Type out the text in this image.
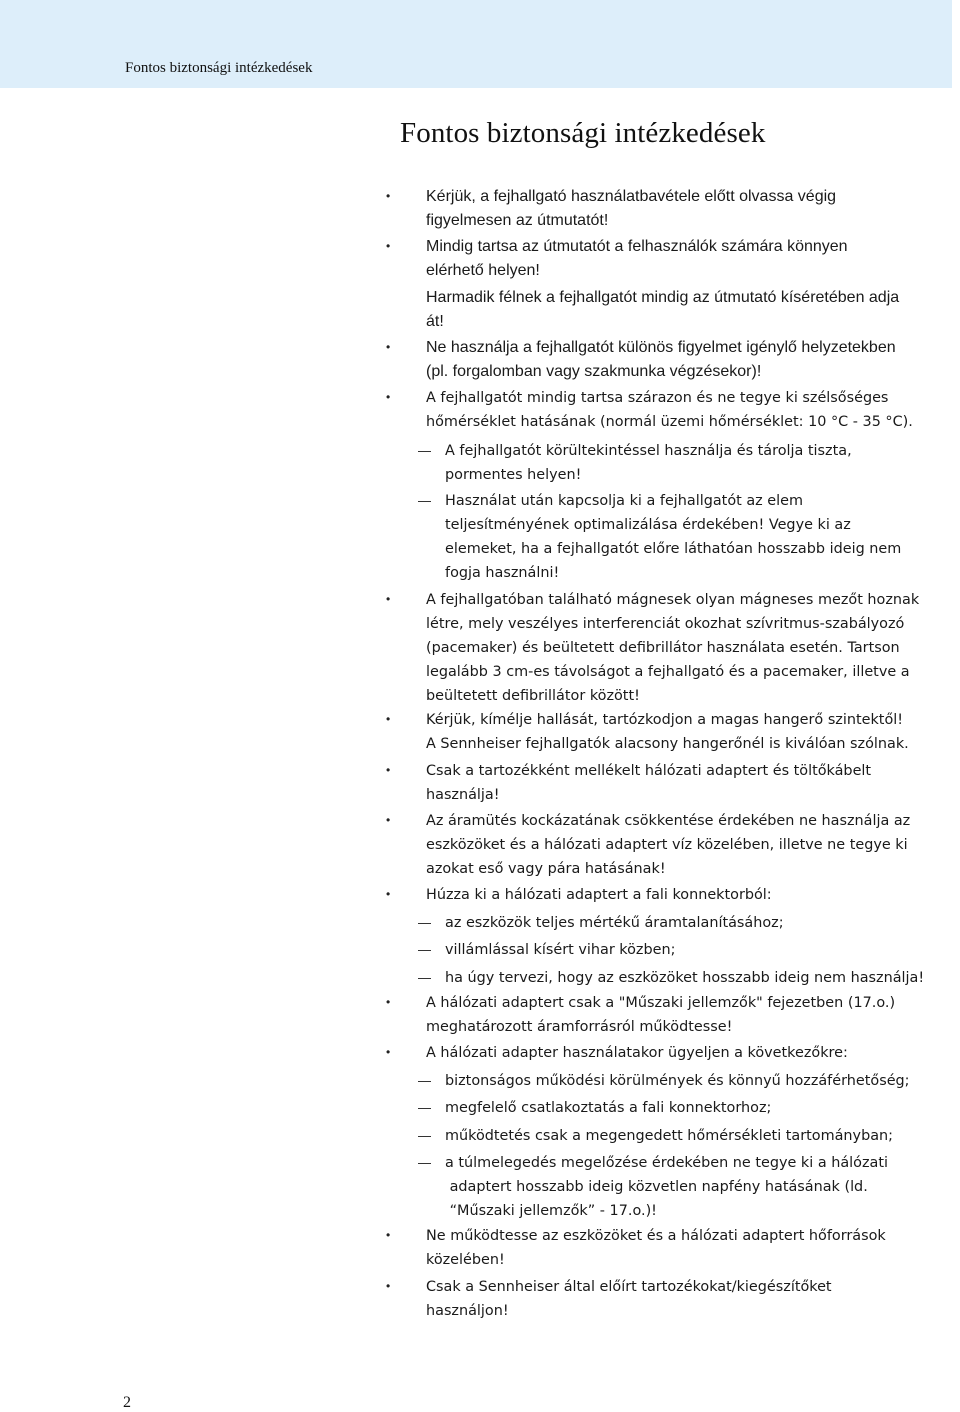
Fontos biztonsági intézkedések
Fontos biztonsági intézkedések
• Kérjük, a fejhallgató használatbavétele előtt olvassa végig
figyelmesen az útmutatót!
• Mindig tartsa az útmutatót a felhasználók számára könnyen
elérhető helyen!
Harmadik félnek a fejhallgatót mindig az útmutató kíséretében adja
át!
• Ne használja a fejhallgatót különös figyelmet igénylő helyzetekben
(pl. forgalomban vagy szakmunka végzésekor)!
• A fejhallgatót mindig tartsa szárazon és ne tegye ki szélsőséges
hőmérséklet hatásának (normál üzemi hőmérséklet: 10 °C - 35 °C).
A fejhallgatót körültekintéssel használja és tárolja tiszta,
pormentes helyen!
Használat után kapcsolja ki a fejhallgatót az elem
teljesítményének optimalizálása érdekében! Vegye ki az
elemeket, ha a fejhallgatót előre láthatóan hosszabb ideig nem
fogja használni!
• A fejhallgatóban található mágnesek olyan mágneses mezőt hoznak
létre, mely veszélyes interferenciát okozhat szívritmus-szabályozó
(pacemaker) és beültetett defibrillátor használata esetén. Tartson
legalább 3 cm-es távolságot a fejhallgató és a pacemaker, illetve a
beültetett defibrillátor között!
• Kérjük, kímélje hallását, tartózkodjon a magas hangerő szintektől!
A Sennheiser fejhallgatók alacsony hangerőnél is kiválóan szólnak.
• Csak a tartozékként mellékelt hálózati adaptert és töltőkábelt
használja!
• Az áramütés kockázatának csökkentése érdekében ne használja az
eszközöket és a hálózati adaptert víz közelében, illetve ne tegye ki
azokat eső vagy pára hatásának!
• Húzza ki a hálózati adaptert a fali konnektorból:
az eszközök teljes mértékű áramtalanításához;
villámlással kísért vihar közben;
ha úgy tervezi, hogy az eszközöket hosszabb ideig nem használja!
• A hálózati adaptert csak a "Műszaki jellemzők" fejezetben (17.o.)
meghatározott áramforrásról működtesse!
• A hálózati adapter használatakor ügyeljen a következőkre:
biztonságos működési körülmények és könnyű hozzáférhetőség;
megfelelő csatlakoztatás a fali konnektorhoz;
működtetés csak a megengedett hőmérsékleti tartományban;
a túlmelegedés megelőzése érdekében ne tegye ki a hálózati
adaptert hosszabb ideig közvetlen napfény hatásának (ld.
“Műszaki jellemzők” - 17.o.)!
• Ne működtesse az eszközöket és a hálózati adaptert hőforrások
közelében!
• Csak a Sennheiser által előírt tartozékokat/kiegészítőket
használjon!
2
